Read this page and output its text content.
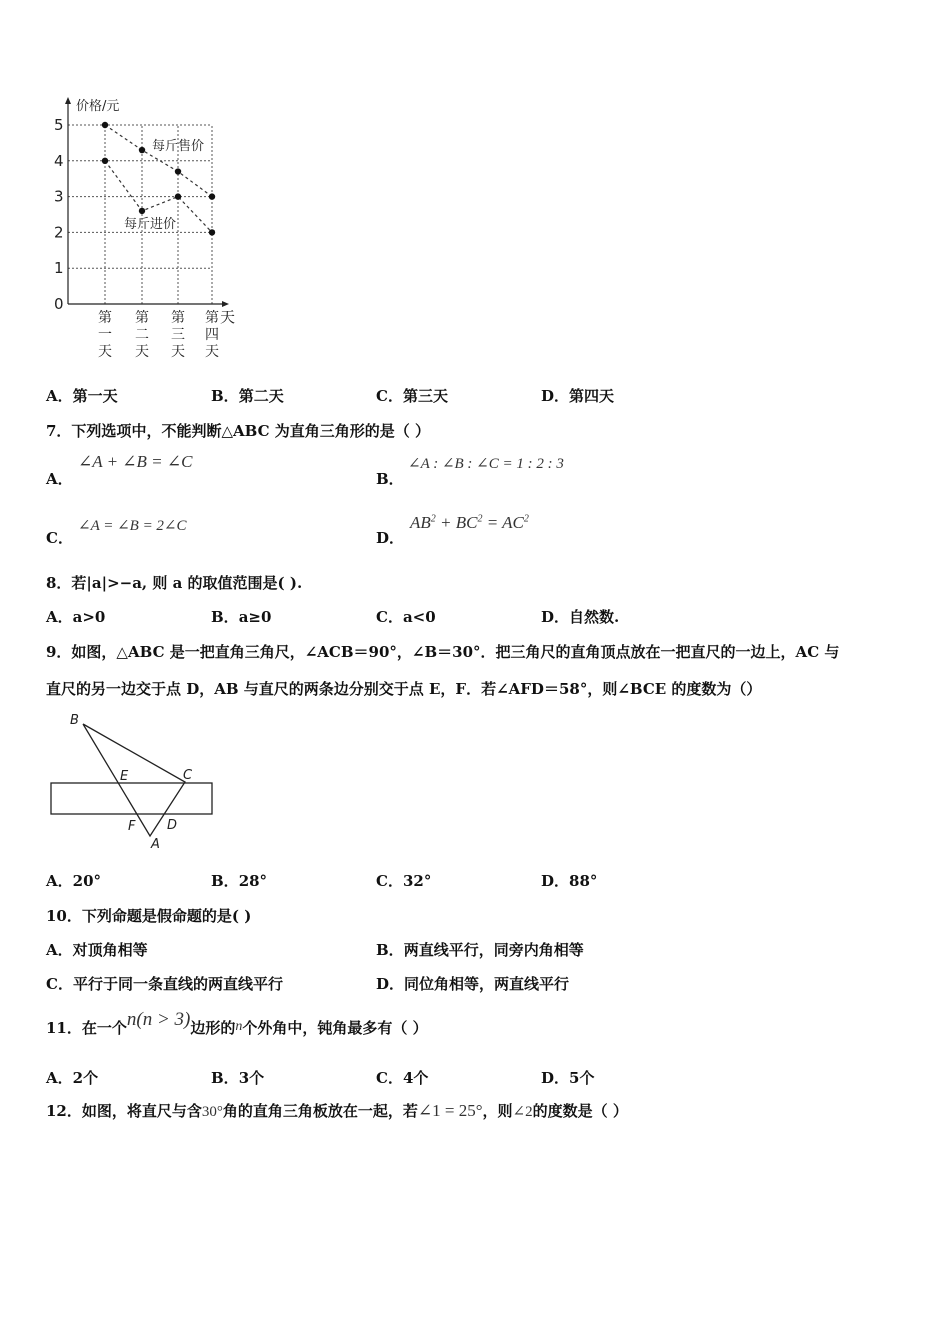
0
1
2
3
4
5
第
一
天
第
二
天
第
三
天
第
四
天
价格/元
天
每斤售价
每斤进价
A．第一天	B．第二天	C．第三天	D．第四天
7．下列选项中，不能判断△ABC 为直角三角形的是（ ）
A．
∠A + ∠B = ∠C
B．
∠A : ∠B : ∠C = 1 : 2 : 3
C．
∠A = ∠B = 2∠C
D．
$AB^2 + BC^2 = AC^2$
8．若|a|>−a, 则 a 的取值范围是( ).
A．a>0	B．a≥0	C．a<0	D．自然数.
9．如图，△ABC 是一把直角三角尺，∠ACB＝90°，∠B＝30°．把三角尺的直角顶点放在一把直尺的一边上，AC 与
直尺的另一边交于点 D，AB 与直尺的两条边分别交于点 E，F．若∠AFD＝58°，则∠BCE 的度数为（）
B
E	C
F D
A
A．20°	B．28°	C．32°	D．88°
10．下列命题是假命题的是( )
A．对顶角相等	B．两直线平行，同旁内角相等
C．平行于同一条直线的两直线平行	D．同位角相等，两直线平行
11．在一个n(n > 3)边形的n个外角中，钝角最多有（ ）
A．2个	B．3个	C．4个	D．5个
12．如图，将直尺与含30°角的直角三角板放在一起，若∠1 = 25°，则∠2的度数是（ ）
